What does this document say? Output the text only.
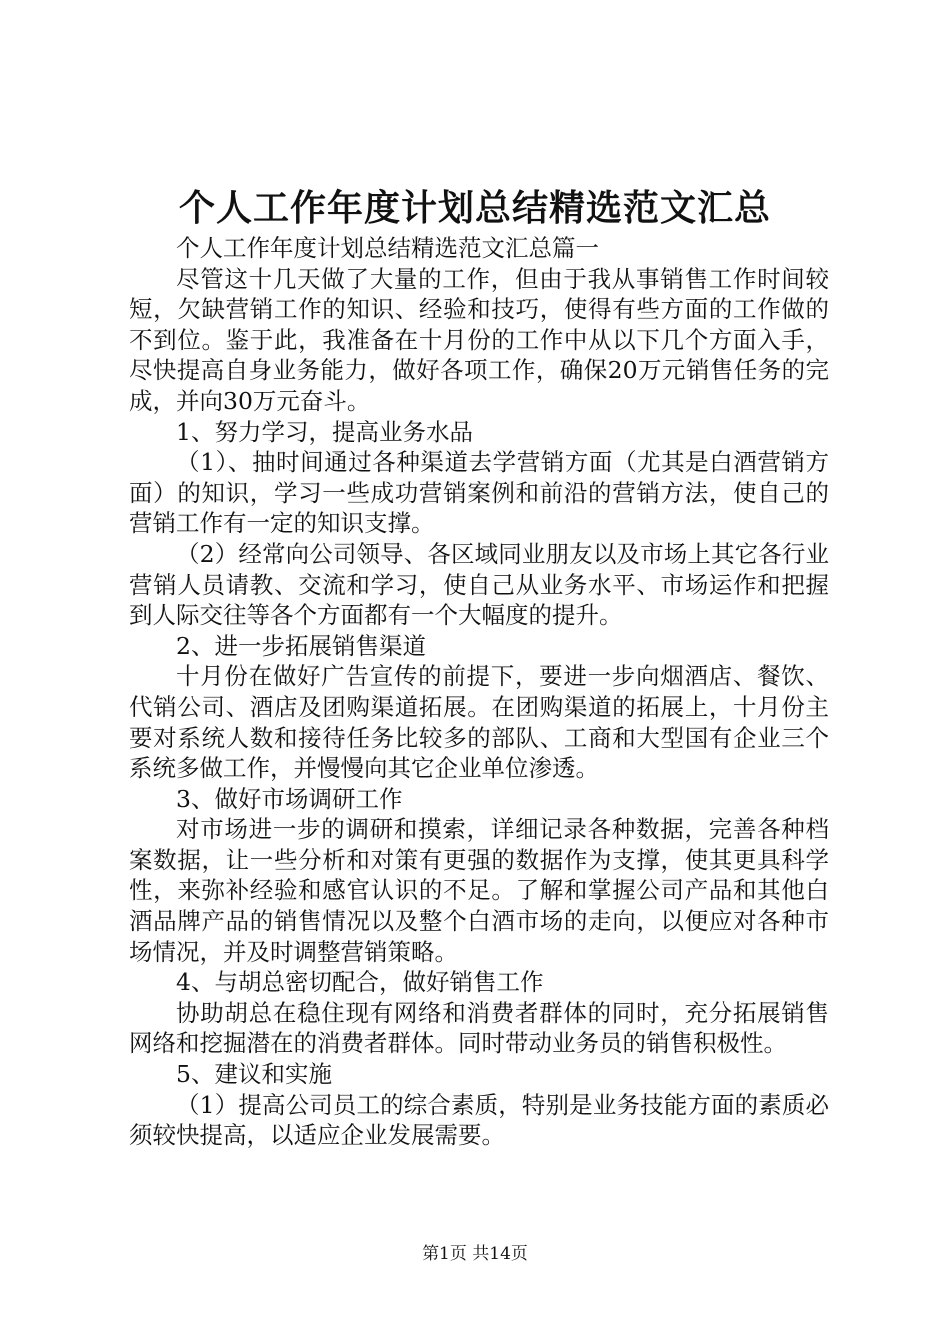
个人工作年度计划总结精选范文汇总

个人工作年度计划总结精选范文汇总篇一

尽管这十几天做了大量的工作，但由于我从事销售工作时间较短，欠缺营销工作的知识、经验和技巧，使得有些方面的工作做的不到位。鉴于此，我准备在十月份的工作中从以下几个方面入手，尽快提高自身业务能力，做好各项工作，确保20万元销售任务的完成，并向30万元奋斗。

1、努力学习，提高业务水品

（1）、抽时间通过各种渠道去学营销方面（尤其是白酒营销方面）的知识，学习一些成功营销案例和前沿的营销方法，使自己的营销工作有一定的知识支撑。

（2）经常向公司领导、各区域同业朋友以及市场上其它各行业营销人员请教、交流和学习，使自己从业务水平、市场运作和把握到人际交往等各个方面都有一个大幅度的提升。

2、进一步拓展销售渠道

十月份在做好广告宣传的前提下，要进一步向烟酒店、餐饮、代销公司、酒店及团购渠道拓展。在团购渠道的拓展上，十月份主要对系统人数和接待任务比较多的部队、工商和大型国有企业三个系统多做工作，并慢慢向其它企业单位渗透。

3、做好市场调研工作

对市场进一步的调研和摸索，详细记录各种数据，完善各种档案数据，让一些分析和对策有更强的数据作为支撑，使其更具科学性，来弥补经验和感官认识的不足。了解和掌握公司产品和其他白酒品牌产品的销售情况以及整个白酒市场的走向，以便应对各种市场情况，并及时调整营销策略。

4、与胡总密切配合，做好销售工作

协助胡总在稳住现有网络和消费者群体的同时，充分拓展销售网络和挖掘潜在的消费者群体。同时带动业务员的销售积极性。

5、建议和实施

（1）提高公司员工的综合素质，特别是业务技能方面的素质必须较快提高，以适应企业发展需要。

第1页 共14页
